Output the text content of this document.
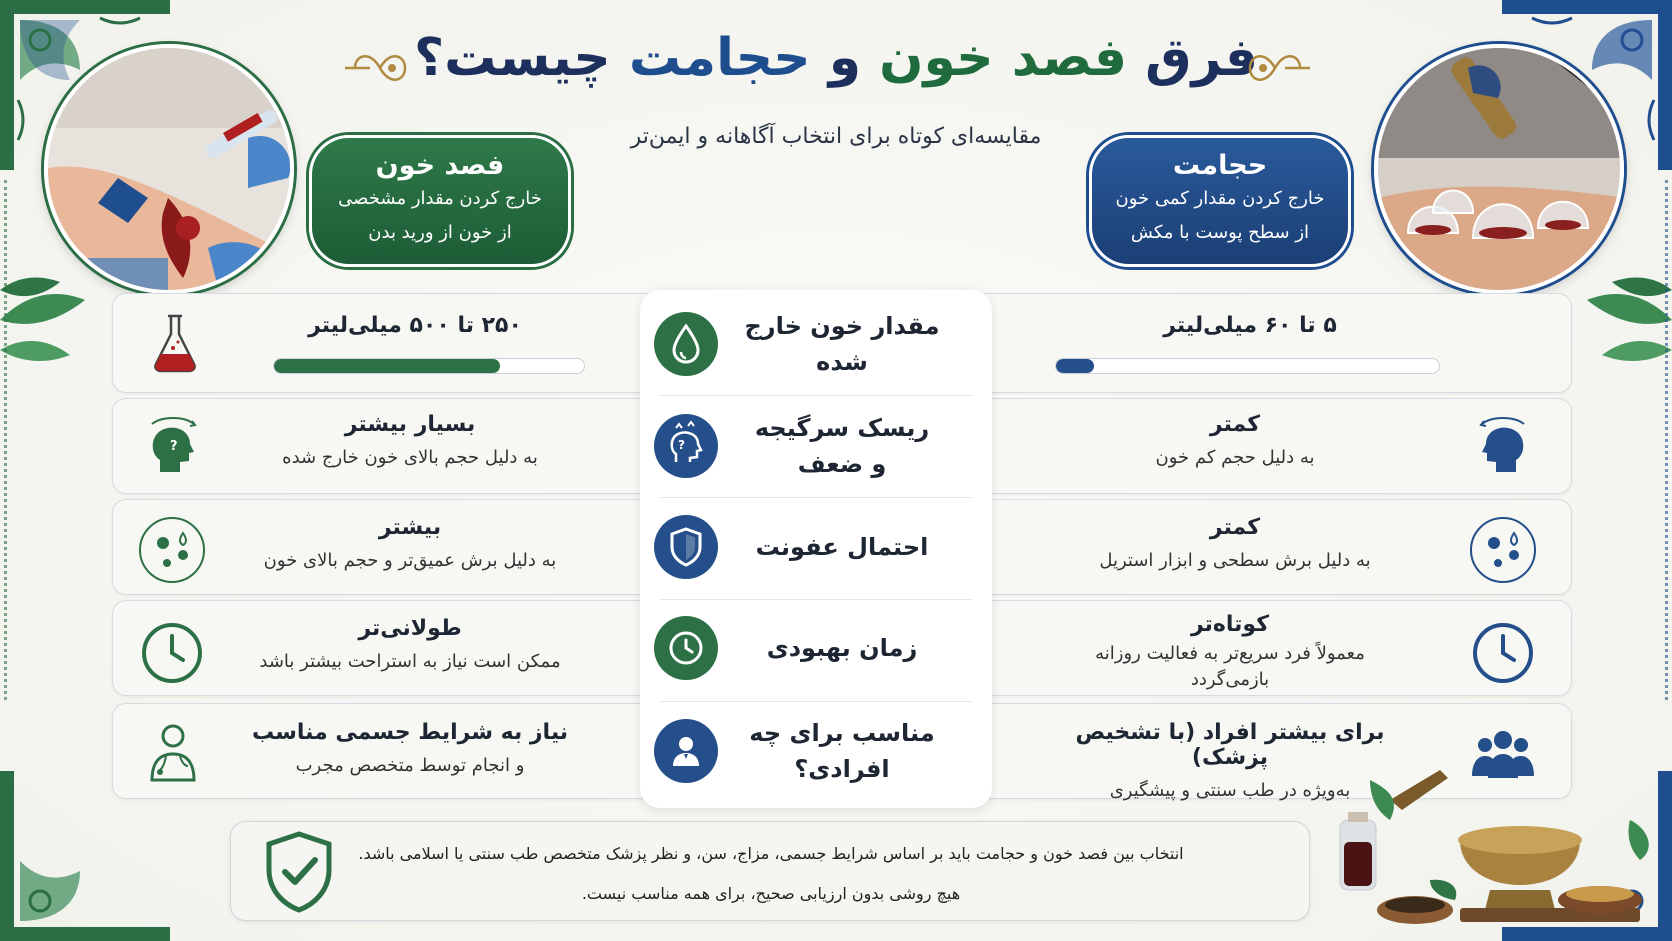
فرق فصد خون و حجامت چیست؟
مقایسه‌ای کوتاه برای انتخاب آگاهانه و ایمن‌تر
فصد خون
خارج کردن مقدار مشخصی
از خون از ورید بدن
حجامت
خارج کردن مقدار کمی خون
از سطح پوست با مکش
مقدار خون خارج شده
ریسک سرگیجه
و ضعف
?
احتمال عفونت
زمان بهبودی
مناسب برای چه
افرادی؟
۲۵۰ تا ۵۰۰ میلی‌لیتر	۵ تا ۶۰ میلی‌لیتر
بسیار بیشتر
به دلیل حجم بالای خون خارج شده
?
کمتر
به دلیل حجم کم خون
بیشتر
به دلیل برش عمیق‌تر و حجم بالای خون
کمتر
به دلیل برش سطحی و ابزار استریل
طولانی‌تر
ممکن است نیاز به استراحت بیشتر باشد
کوتاه‌تر
معمولاً فرد سریع‌تر به فعالیت روزانه
بازمی‌گردد
نیاز به شرایط جسمی مناسب
و انجام توسط متخصص مجرب
برای بیشتر افراد (با تشخیص پزشک)
به‌ویژه در طب سنتی و پیشگیری
انتخاب بین فصد خون و حجامت باید بر اساس شرایط جسمی، مزاج، سن، و نظر پزشک متخصص طب سنتی یا اسلامی باشد.
هیچ روشی بدون ارزیابی صحیح، برای همه مناسب نیست.
